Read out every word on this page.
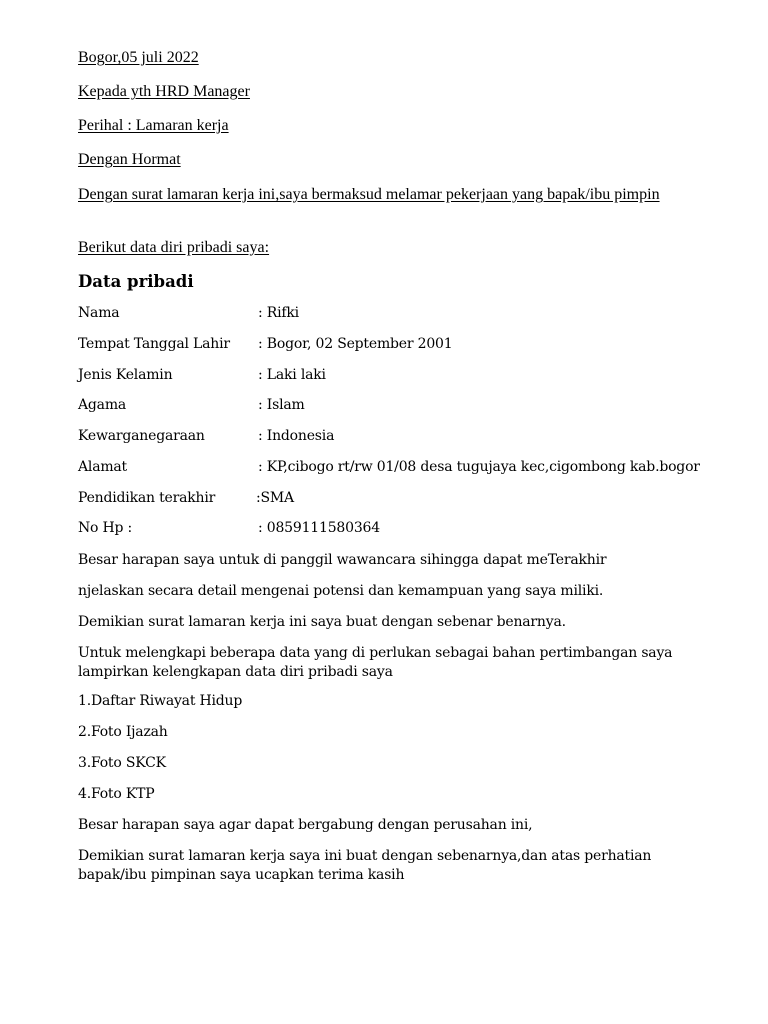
Bogor,05 juli 2022
Kepada yth HRD Manager
Perihal : Lamaran kerja
Dengan Hormat
Dengan surat lamaran kerja ini,saya bermaksud melamar pekerjaan yang bapak/ibu pimpin
Berikut data diri pribadi saya:
Data pribadi
Nama	: Rifki
Tempat Tanggal Lahir : Bogor, 02 September 2001
Jenis Kelamin	: Laki laki
Agama	: Islam
Kewarganegaraan	: Indonesia
Alamat	: KP,cibogo rt/rw 01/08 desa tugujaya kec,cigombong kab.bogor
Pendidikan terakhir	:SMA
No Hp :	: 0859111580364
Besar harapan saya untuk di panggil wawancara sihingga dapat meTerakhir
njelaskan secara detail mengenai potensi dan kemampuan yang saya miliki.
Demikian surat lamaran kerja ini saya buat dengan sebenar benarnya.
Untuk melengkapi beberapa data yang di perlukan sebagai bahan pertimbangan saya lampirkan kelengkapan data diri pribadi saya
1.Daftar Riwayat Hidup
2.Foto Ijazah
3.Foto SKCK
4.Foto KTP
Besar harapan saya agar dapat bergabung dengan perusahan ini,
Demikian surat lamaran kerja saya ini buat dengan sebenarnya,dan atas perhatian bapak/ibu pimpinan saya ucapkan terima kasih
